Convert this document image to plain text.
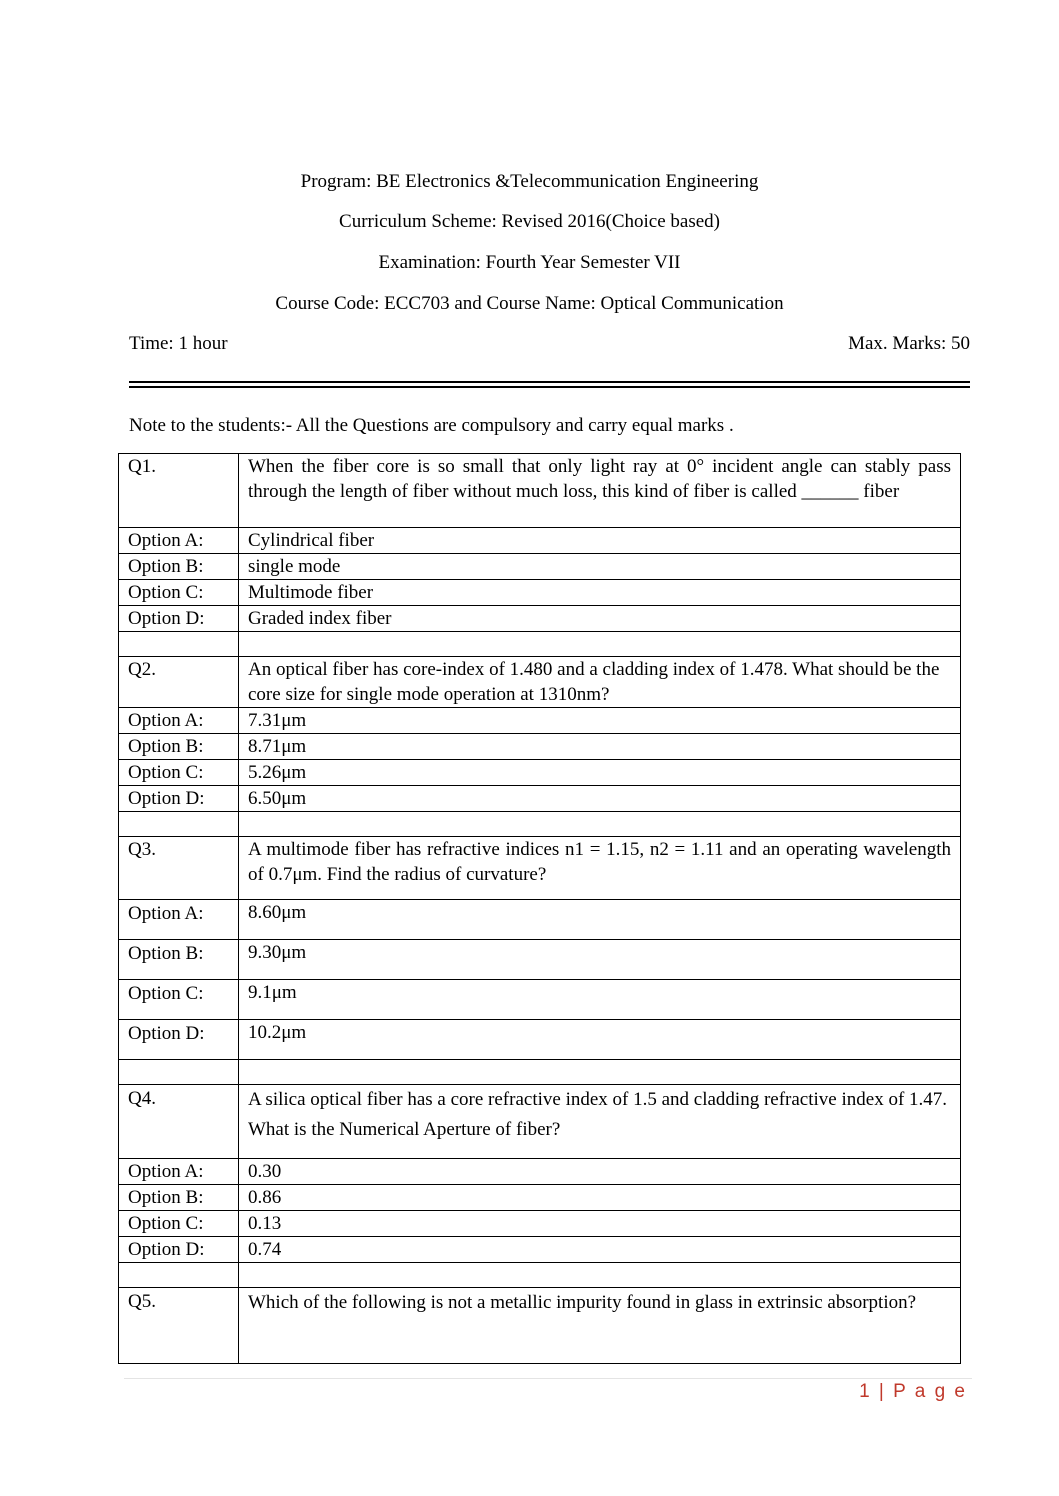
Program: BE Electronics &Telecommunication Engineering
Curriculum Scheme: Revised 2016(Choice based)
Examination: Fourth Year Semester VII
Course Code: ECC703 and Course Name: Optical Communication
Time: 1 hour	Max. Marks: 50
Note to the students:- All the Questions are compulsory and carry equal marks .
Q1.	When the fiber core is so small that only light ray at 0° incident angle can stably pass through the length of fiber without much loss, this kind of fiber is called ______ fiber
Option A:	Cylindrical fiber
Option B:	single mode
Option C:	Multimode fiber
Option D:	Graded index fiber

Q2.	An optical fiber has core-index of 1.480 and a cladding index of 1.478. What should be the core size for single mode operation at 1310nm?
Option A:	7.31μm
Option B:	8.71μm
Option C:	5.26μm
Option D:	6.50μm

Q3.	A multimode fiber has refractive indices n1 = 1.15, n2 = 1.11 and an operating wavelength of 0.7μm. Find the radius of curvature?
Option A:	8.60μm
Option B:	9.30μm
Option C:	9.1μm
Option D:	10.2μm

Q4.	A silica optical fiber has a core refractive index of 1.5 and cladding refractive index of 1.47. What is the Numerical Aperture of fiber?
Option A:	0.30
Option B:	0.86
Option C:	0.13
Option D:	0.74

Q5.	Which of the following is not a metallic impurity found in glass in extrinsic absorption?
1 | P a g e
